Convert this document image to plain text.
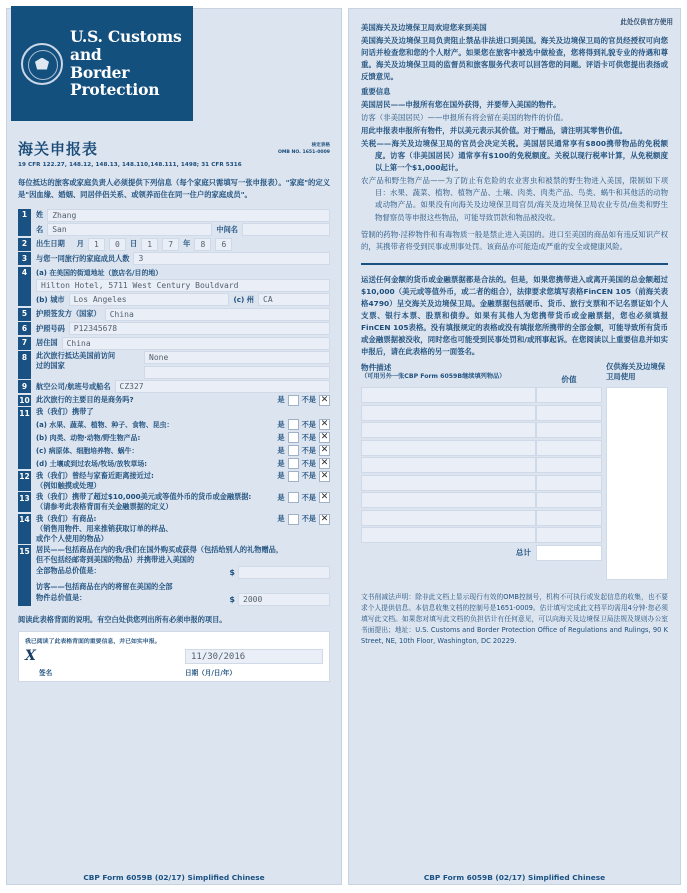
U.S. Customs and
Border Protection
此处仅供官方使用
海关申报表	核定表格
OMB NO. 1651-0009
19 CFR 122.27, 148.12, 148.13, 148.110,148.111, 1498; 31 CFR 5316
每位抵达的旅客或家庭负责人必须提供下列信息（每个家庭只需填写一张申报表）。"家庭"的定义是"因血缘、婚姻、同居伴侣关系、或领养而住在同一住户的家庭成员"。
1	姓	Zhang
名	San	中间名
2	出生日期 月	1	0	日	1	7	年	8	6
3	与您一同旅行的家庭成员人数	3
4	(a) 在美国的街道地址（旅店名/目的地）
Hilton Hotel, 5711 West Century Bouldvard
(b) 城市	Los Angeles	(c) 州	CA
5	护照签发方（国家）	China
6	护照号码	P12345678
7	居住国	China
8	此次旅行抵达美国前访问
过的国家
None
9	航空公司/航班号或船名	CZ327
10 此次旅行的主要目的是商务吗?	是 不是 ✕
11 我（我们）携带了
(a) 水果、蔬菜、植物、种子、食物、昆虫：	是 不是 ✕
(b) 肉类、动物·动物/野生物产品:	是 不是 ✕
(c) 病原体、细胞培养物、蜗牛：	是 不是 ✕
(d) 土壤或到过农场/牧场/放牧草场:	是 不是 ✕
12 我（我们）曾经与家畜近距离接近过:
（例如触摸或处理）
是 不是 ✕
13 我（我们）携带了超过$10,000美元或等值外币的货币或金融票据:
（请参考此表格背面有关金融票据的定义）
是 不是 ✕
14 我（我们）有商品:
（销售用物件、用来推销获取订单的样品、
或作个人使用的物品）
是 不是 ✕
15 居民——包括商品在内的我/我们在国外购买或获得（包括给别人的礼物赠品，
但不包括经邮寄到美国的物品）并携带进入美国的
全部物品总价值是：	$
访客——包括商品在内的将留在美国的全部
物件总价值是：	$	2000
阅读此表格背面的说明。有空白处供您列出所有必须申报的项目。
我已阅读了此表格背面的重要信息，并已如实申报。
X	11/30/2016
签名	日期（月/日/年）
美国海关及边境保卫局欢迎您来到美国
美国海关及边境保卫局负责阻止禁品非法进口到美国。海关及边境保卫局的官员经授权可向您问话并检查您和您的个人财产。如果您在旅客中被选中做检查，您将得到礼貌专业的待遇和尊重。海关及边境保卫局的监督员和旅客服务代表可以回答您的问题。评语卡可供您提出表扬或反馈意见。
重要信息
美国居民——申报所有您在国外获得，并要带入美国的物件。
访客（非美国居民）——申报所有将会留在美国的物件的价值。
用此申报表申报所有物件，并以美元表示其价值。对于赠品，请注明其零售价值。
关税——海关及边境保卫局的官员会决定关税。美国居民通常享有$800携带物品的免税额度。访客（非美国居民）通常享有$100的免税额度。关税以现行税率计算，从免税额度以上第一个$1,000起计。
农产品和野生物产品——为了防止有危险的农业害虫和被禁的野生物进入美国，限制如下项目：水果、蔬菜、植物、植物产品、土壤、肉类、肉类产品、鸟类、蜗牛和其他活的动物或动物产品。如果没有向海关及边境保卫局官员/海关及边境保卫局农业专员/鱼类和野生物督察员等申报这些物品，可能导致罚款和物品被没收。
管制的药物·淫秽物件和有毒物质一般是禁止进入美国的。进口至美国的商品如有违反知识产权的，其携带者将受到民事或刑事处罚。该商品亦可能造成严重的安全或健康风险。
运送任何金额的货币或金融票据都是合法的。但是，如果您携带进入或离开美国的总金额超过$10,000（美元或等值外币，或二者的组合），法律要求您填写表格FinCEN 105（前海关表格4790）呈交海关及边境保卫局。金融票据包括硬币、货币、旅行支票和不记名票证如个人支票、银行本票、股票和债券。如果有其他人为您携带货币或金融票据，您也必须填报FinCEN 105表格。没有填报规定的表格或没有填报您所携带的全部金额，可能导致所有货币或金融票据被没收，同时您也可能受到民事处罚和/或刑事起诉。在您阅读以上重要信息并如实申报后，请在此表格的另一面签名。
物件描述
（可用另外一张CBP Form 6059B继续填列物品）	价值
仅供海关及边境保卫局使用
总计
文书削减法声明：除非此文档上显示现行有效的OMB控制号，机构不可执行或发起信息的收集，也不要求个人提供信息。本信息收集文档的控制号是1651-0009。估计填写完成此文档平均需用4分钟·您必须填写此文档。如果您对填写此文档的负担估计有任何意见，可以向海关及边境保卫局法规及规则办公室书面提出；地址：U.S. Customs and Border Protection Office of Regulations and Rulings, 90 K Street, NE, 10th Floor, Washington, DC 20229.
CBP Form 6059B (02/17) Simplified Chinese	CBP Form 6059B (02/17) Simplified Chinese
